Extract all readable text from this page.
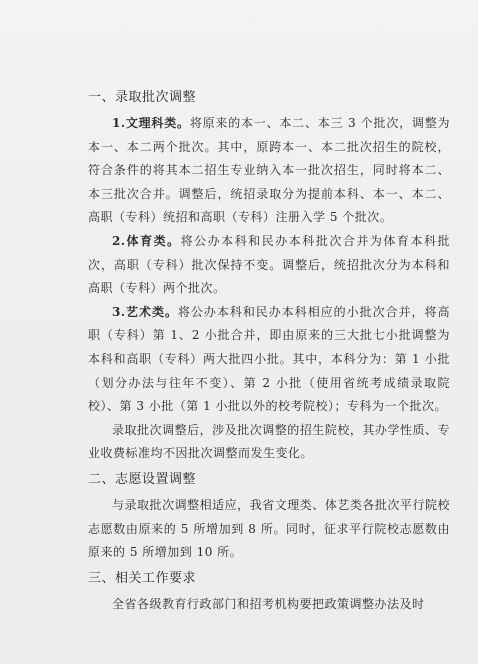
一、录取批次调整

1.文理科类。将原来的本一、本二、本三 3 个批次，调整为本一、本二两个批次。其中，原跨本一、本二批次招生的院校，符合条件的将其本二招生专业纳入本一批次招生，同时将本二、本三批次合并。调整后，统招录取分为提前本科、本一、本二、高职（专科）统招和高职（专科）注册入学 5 个批次。

2.体育类。将公办本科和民办本科批次合并为体育本科批次，高职（专科）批次保持不变。调整后，统招批次分为本科和高职（专科）两个批次。

3.艺术类。将公办本科和民办本科相应的小批次合并，将高职（专科）第 1、2 小批合并，即由原来的三大批七小批调整为本科和高职（专科）两大批四小批。其中，本科分为：第 1 小批（划分办法与往年不变）、第 2 小批（使用省统考成绩录取院校）、第 3 小批（第 1 小批以外的校考院校）；专科为一个批次。

录取批次调整后，涉及批次调整的招生院校，其办学性质、专业收费标准均不因批次调整而发生变化。

二、志愿设置调整

与录取批次调整相适应，我省文理类、体艺类各批次平行院校志愿数由原来的 5 所增加到 8 所。同时，征求平行院校志愿数由原来的 5 所增加到 10 所。

三、相关工作要求

全省各级教育行政部门和招考机构要把政策调整办法及时
